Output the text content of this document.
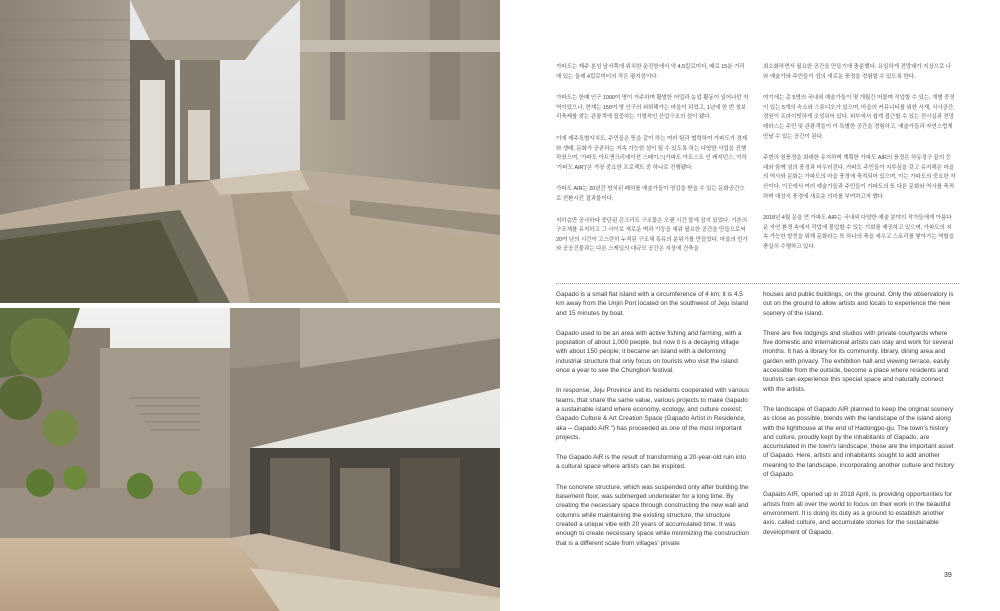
가파도는 제주 본섬 남서쪽에 위치한 운진항에서 약 4.5킬로미터, 배로 15분 거리에 있는 둘레 4킬로미터의 작은 평지섬이다.

가파도는 한때 인구 1000여 명이 거주하며 활발한 어업과 농업 활동이 일어나던 지역이었으나, 현재는 150여 명 인구의 쇠퇴해가는 마을이 되었고, 1년에 한 번 청보리축제를 찾는 관광객에 집중하는 기형적인 산업구조의 섬이 됐다.

이에 제주특별자치도, 주민들은 뜻을 같이 하는 여러 팀과 협력하여 가파도가 경제와 생태, 문화가 공존하는 지속 가능한 섬이 될 수 있도록 하는 다양한 사업을 진행하였으며, '가파도 아트앤크리에이션 스페이스(가파도 아트스트 인 레지던스, 이하 '가파도 AIR')'은 가장 중요한 프로젝트 중 하나로 진행됐다.

가파도 AIR는 20년간 방치된 폐허를 예술가들이 영감을 받을 수 있는 문화공간으로 전환시킨 결과물이다.

지하층만 공사하다 중단된 콘크리트 구조물은 오랜 시간 물에 잠겨 있었다. 기존의 구조체를 유지하고 그 사이로 새로운 벽과 기둥을 세워 필요한 공간을 만들으로써 20여 년의 시간이 고스란히 누적된 구조체 특유의 분위기를 만들었다. 마을의 민가와 공공건물과는 다른 스케일의 대규모 공간은 지상에 건축을

최소화하면서 필요한 공간을 만들기에 충분했다. 유일하게 전망대가 지상으로 나와 예술가와 주민들이 섬의 새로운 풍경을 경험할 수 있도록 한다.

여기에는 총 5명의 국내외 예술가들이 몇 개월간 머물며 작업할 수 있는, 개별 중정이 있는 5개의 숙소와 스튜디오가 있으며, 마을의 커뮤니티를 위한 서재, 식사공간, 정원이 프라이빗하게 조성되어 있다. 외부에서 쉽게 접근할 수 있는 전시실과 전망 테라스는 주민 및 관광객들이 이 특별한 공간을 경험하고, 예술가들과 자연스럽게 만날 수 있는 공간이 된다.

주변의 원풍경을 최대한 유지하며 계획한 가파도 AIR의 풍경은 하동정구 끝의 등대와 함께 섬의 풍경과 어우러진다. 가파도 주민들이 지루심을 갖고 유지해온 마을의 역사와 문화는 가파도의 마을 풍경에 축적되어 있으며, 이는 가파도의 중요한 자산이다. 이곳에서 여러 예술가들과 주민들이 가파도의 또 다른 문화와 역사를 축적하며 대상지 풍경에 새로운 의미를 부여하고자 했다.

2018년 4월 문을 연 가파도 AIR는 국내외 다양한 예술 분야의 작가들에게 아름다운 자연 환경 속에서 작업에 몰입할 수 있는 기회를 제공하고 있으며, 가파도의 지속 가능한 발전을 위해 문화라는 또 하나의 축을 세우고 스토리를 쌓아가는 역할을 충실히 수행하고 있다.

Gapado is a small flat island with a circumference of 4 km; it is 4.5 km away from the Unjin Port located on the southwest of Jeju Island and 15 minutes by boat.

Gapado used to be an area with active fishing and farming, with a population of about 1,000 people, but now it is a decaying village with about 150 people; it became an island with a deforming industrial structure that only focus on tourists who visit the island once a year to see the Chungbori festival.

In response, Jeju Province and its residents cooperated with various teams, that share the same value, various projects to make Gapado a sustainable island where economy, ecology, and culture coexist; Gapado Culture & Art Creation Space (Gapado Artist in Residence, aka ˵˵ Gapado AIR ˮ) has proceeded as one of the most important projects.

The Gapado AiR is the result of transforming a 20-year-old ruin into a cultural space where artists can be inspired.

The concrete structure, which was suspended only after building the basement floor, was submerged underwater for a long time. By creating the necessary space through constructing the new wall and columns while maintaining the existing structure, the structure created a unique vibe with 20 years of accumulated time. It was enough to create necessary space while minimizing the construction that is a different scale from villages' private

houses and public buildings, on the ground. Only the observatory is out on the ground to allow artists and locals to experience the new scenery of the island.

There are five lodgings and studios with private courtyards where five domestic and international artists can stay and work for several months. It has a library for its community, library, dining area and garden with privacy. The exhibition hall and viewing terrace, easily accessible from the outside, become a place where residents and tourists can experience this special space and naturally connect with the artists.

The landscape of Gapado AIR planned to keep the original scenery as close as possible, blends with the landscape of the island along with the lighthouse at the end of Hadongpo-gu. The town's history and culture, proudly kept by the inhabitants of Gapado, are accumulated in the town's landscape; these are the important asset of Gapado. Here, artists and inhabitants sought to add another meaning to the landscape, incorporating another culture and history of Gapado.

Gapado AIR, opened up in 2018 April, is providing opportunities for artists from all over the world to focus on their work in the beautiful environment. It is doing its duty as a ground to establish another axis, called culture, and accumulate stories for the sustainable development of Gapado.

39
